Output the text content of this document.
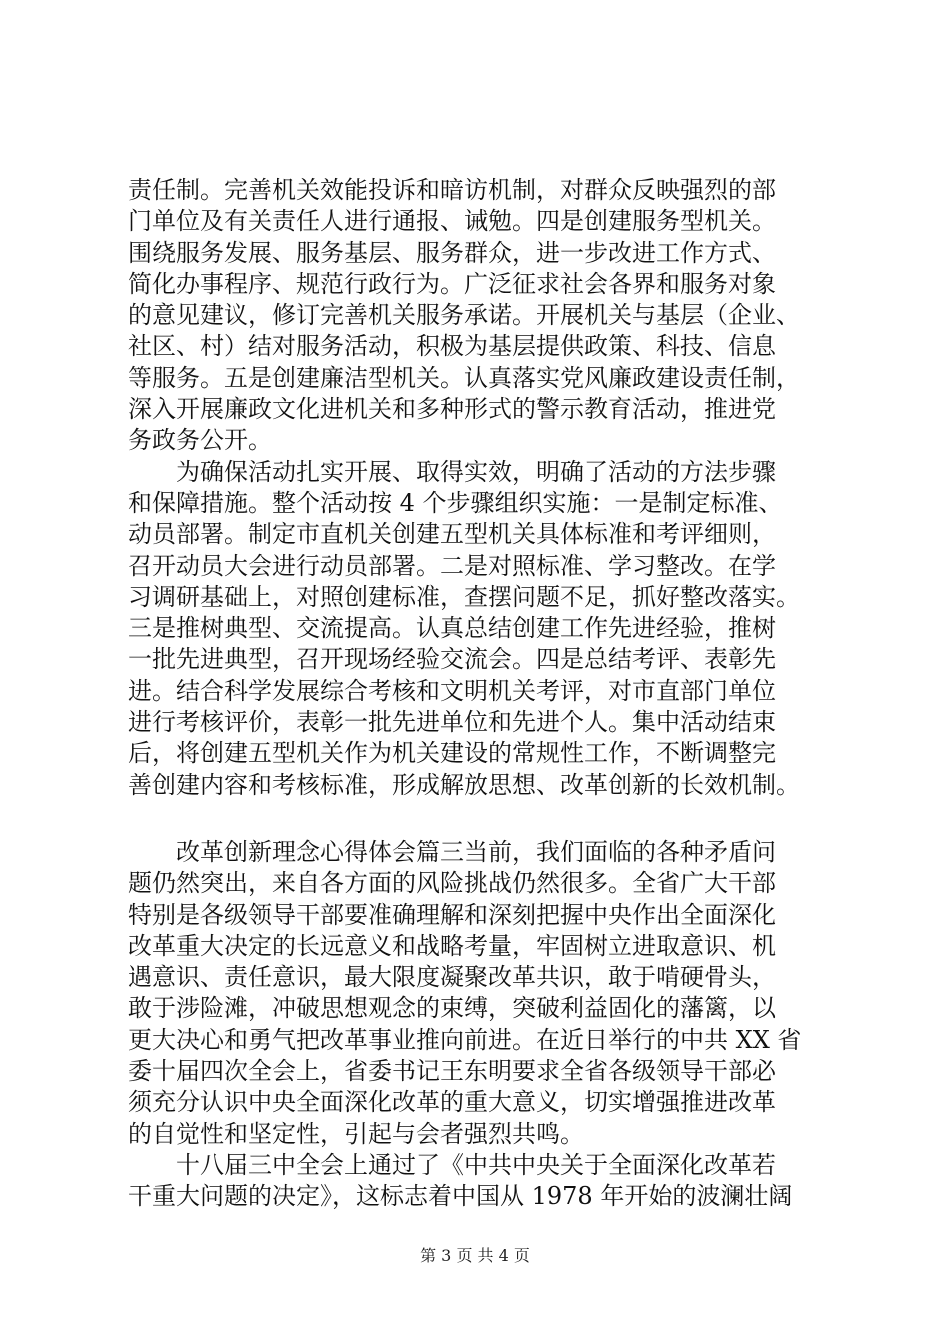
责任制。完善机关效能投诉和暗访机制，对群众反映强烈的部

门单位及有关责任人进行通报、诫勉。四是创建服务型机关。

围绕服务发展、服务基层、服务群众，进一步改进工作方式、

简化办事程序、规范行政行为。广泛征求社会各界和服务对象

的意见建议，修订完善机关服务承诺。开展机关与基层（企业、

社区、村）结对服务活动，积极为基层提供政策、科技、信息

等服务。五是创建廉洁型机关。认真落实党风廉政建设责任制，

深入开展廉政文化进机关和多种形式的警示教育活动，推进党

务政务公开。

　　为确保活动扎实开展、取得实效，明确了活动的方法步骤

和保障措施。整个活动按 4 个步骤组织实施：一是制定标准、

动员部署。制定市直机关创建五型机关具体标准和考评细则，

召开动员大会进行动员部署。二是对照标准、学习整改。在学

习调研基础上，对照创建标准，查摆问题不足，抓好整改落实。

三是推树典型、交流提高。认真总结创建工作先进经验，推树

一批先进典型，召开现场经验交流会。四是总结考评、表彰先

进。结合科学发展综合考核和文明机关考评，对市直部门单位

进行考核评价，表彰一批先进单位和先进个人。集中活动结束

后，将创建五型机关作为机关建设的常规性工作，不断调整完

善创建内容和考核标准，形成解放思想、改革创新的长效机制。

　　改革创新理念心得体会篇三当前，我们面临的各种矛盾问

题仍然突出，来自各方面的风险挑战仍然很多。全省广大干部

特别是各级领导干部要准确理解和深刻把握中央作出全面深化

改革重大决定的长远意义和战略考量，牢固树立进取意识、机

遇意识、责任意识，最大限度凝聚改革共识，敢于啃硬骨头，

敢于涉险滩，冲破思想观念的束缚，突破利益固化的藩篱，以

更大决心和勇气把改革事业推向前进。在近日举行的中共 XX 省

委十届四次全会上，省委书记王东明要求全省各级领导干部必

须充分认识中央全面深化改革的重大意义，切实增强推进改革

的自觉性和坚定性，引起与会者强烈共鸣。

　　十八届三中全会上通过了《中共中央关于全面深化改革若

干重大问题的决定》，这标志着中国从 1978 年开始的波澜壮阔

第 3 页 共 4 页
